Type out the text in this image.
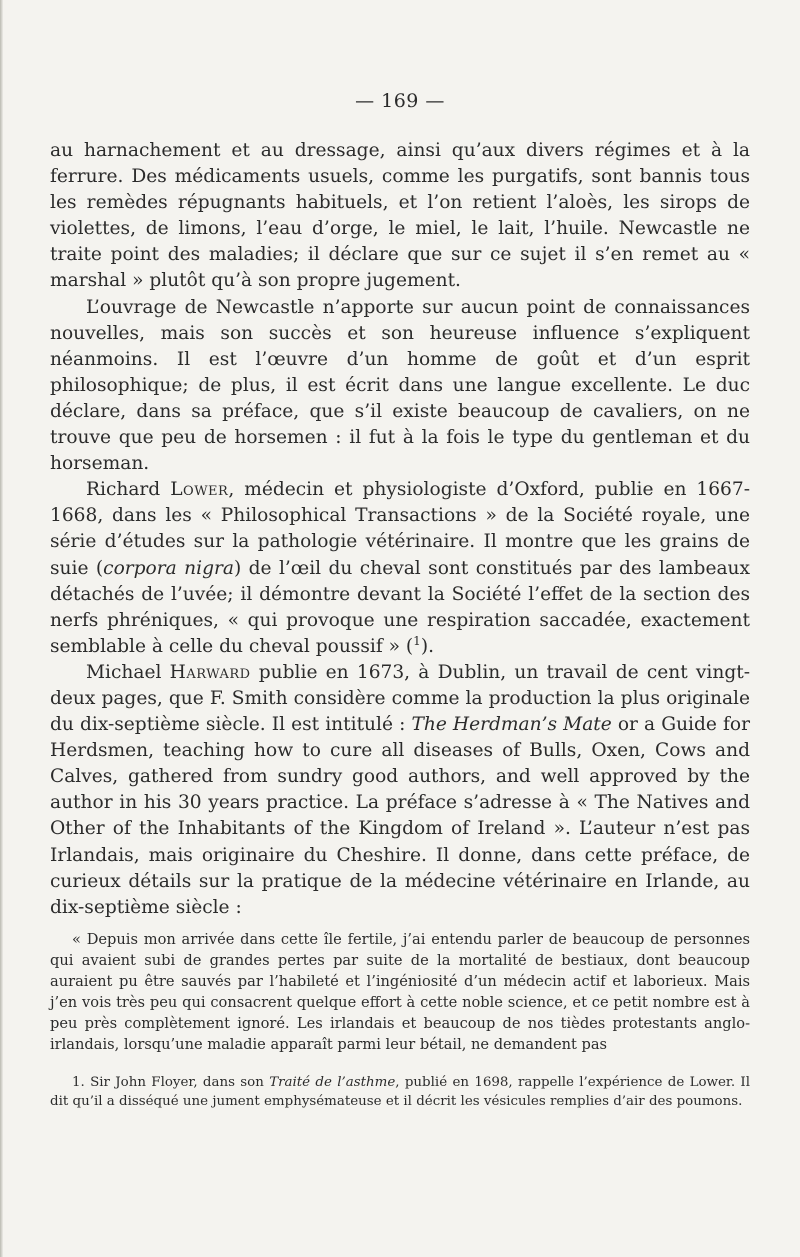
— 169 —

au harnachement et au dressage, ainsi qu’aux divers régimes et à la ferrure. Des médicaments usuels, comme les purgatifs, sont bannis tous les remèdes répugnants habituels, et l’on retient l’aloès, les sirops de violettes, de limons, l’eau d’orge, le miel, le lait, l’huile. Newcastle ne traite point des maladies; il déclare que sur ce sujet il s’en remet au « marshal » plutôt qu’à son propre jugement.

L’ouvrage de Newcastle n’apporte sur aucun point de connaissances nouvelles, mais son succès et son heureuse influence s’expliquent néanmoins. Il est l’œuvre d’un homme de goût et d’un esprit philosophique; de plus, il est écrit dans une langue excellente. Le duc déclare, dans sa préface, que s’il existe beaucoup de cavaliers, on ne trouve que peu de horsemen : il fut à la fois le type du gentleman et du horseman.

Richard Lower, médecin et physiologiste d’Oxford, publie en 1667-1668, dans les « Philosophical Transactions » de la Société royale, une série d’études sur la pathologie vétérinaire. Il montre que les grains de suie (corpora nigra) de l’œil du cheval sont constitués par des lambeaux détachés de l’uvée; il démontre devant la Société l’effet de la section des nerfs phréniques, « qui provoque une respiration saccadée, exactement semblable à celle du cheval poussif » ($^1$).

Michael Harward publie en 1673, à Dublin, un travail de cent vingt-deux pages, que F. Smith considère comme la production la plus originale du dix-septième siècle. Il est intitulé : The Herdman’s Mate or a Guide for Herdsmen, teaching how to cure all diseases of Bulls, Oxen, Cows and Calves, gathered from sundry good authors, and well approved by the author in his 30 years practice. La préface s’adresse à « The Natives and Other of the Inhabitants of the Kingdom of Ireland ». L’auteur n’est pas Irlandais, mais originaire du Cheshire. Il donne, dans cette préface, de curieux détails sur la pratique de la médecine vétérinaire en Irlande, au dix-septième siècle :

« Depuis mon arrivée dans cette île fertile, j’ai entendu parler de beaucoup de personnes qui avaient subi de grandes pertes par suite de la mortalité de bestiaux, dont beaucoup auraient pu être sauvés par l’habileté et l’ingéniosité d’un médecin actif et laborieux. Mais j’en vois très peu qui consacrent quelque effort à cette noble science, et ce petit nombre est à peu près complètement ignoré. Les irlandais et beaucoup de nos tièdes protestants anglo-irlandais, lorsqu’une maladie apparaît parmi leur bétail, ne demandent pas

1. Sir John Floyer, dans son Traité de l’asthme, publié en 1698, rappelle l’expérience de Lower. Il dit qu’il a disséqué une jument emphysémateuse et il décrit les vésicules remplies d’air des poumons.
